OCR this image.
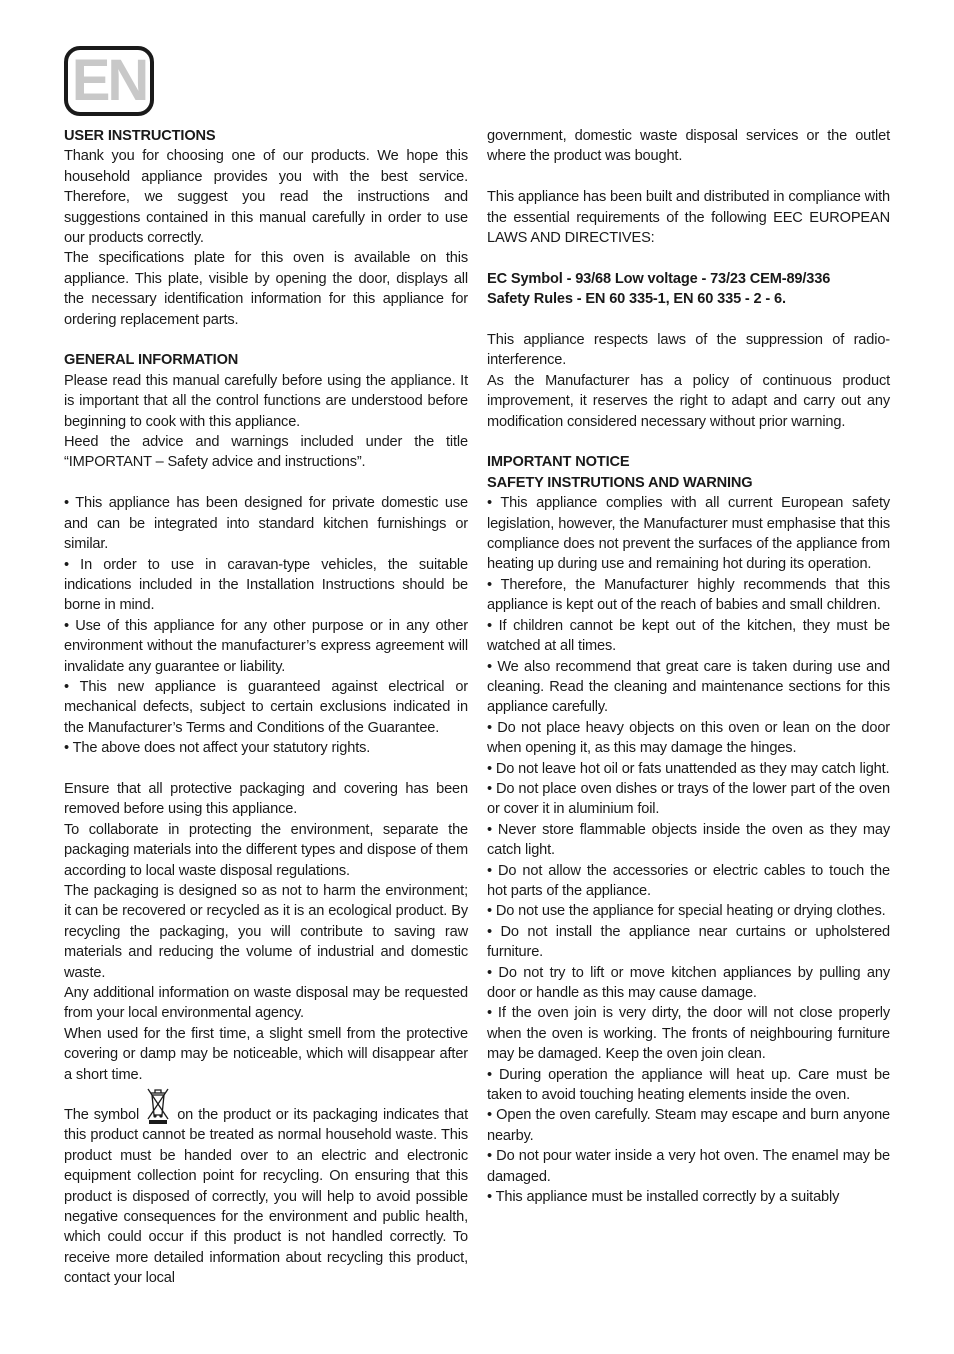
EN

USER INSTRUCTIONS

Thank you for choosing one of our products. We hope this household appliance provides you with the best service. Therefore, we suggest you read the instructions and suggestions contained in this manual carefully in order to use our products correctly.

The specifications plate for this oven is available on this appliance. This plate, visible by opening the door, displays all the necessary identification information for this appliance for ordering replacement parts.

GENERAL INFORMATION

Please read this manual carefully before using the appliance. It is important that all the control functions are understood before beginning to cook with this appliance.

Heed the advice and warnings included under the title “IMPORTANT – Safety advice and instructions”.

• This appliance has been designed for private domestic use and can be integrated into standard kitchen furnishings or similar.

• In order to use in caravan-type vehicles, the suitable indications included in the Installation Instructions should be borne in mind.

• Use of this appliance for any other purpose or in any other environment without the manufacturer’s express agreement will invalidate any guarantee or liability.

• This new appliance is guaranteed against electrical or mechanical defects, subject to certain exclusions indicated in the Manufacturer’s Terms and Conditions of the Guarantee.

• The above does not affect your statutory rights.

Ensure that all protective packaging and covering has been removed before using this appliance.

To collaborate in protecting the environment, separate the packaging materials into the different types and dispose of them according to local waste disposal regulations.

The packaging is designed so as not to harm the environment; it can be recovered or recycled as it is an ecological product. By recycling the packaging, you will contribute to saving raw materials and reducing the volume of industrial and domestic waste.

Any additional information on waste disposal may be requested from your local environmental agency.

When used for the first time, a slight smell from the protective covering or damp may be noticeable, which will disappear after a short time.

The symbol	on the product or its packaging indicates that this product cannot be treated as normal household waste. This product must be handed over to an electric and electronic equipment collection point for recycling. On ensuring that this product is disposed of correctly, you will help to avoid possible negative consequences for the environment and public health, which could occur if this product is not handled correctly. To receive more detailed information about recycling this product, contact your local

government, domestic waste disposal services or the outlet where the product was bought.

This appliance has been built and distributed in compliance with the essential requirements of the following EEC EUROPEAN LAWS AND DIRECTIVES:

EC Symbol - 93/68 Low voltage - 73/23 CEM-89/336

Safety Rules - EN 60 335-1, EN 60 335 - 2 - 6.

This appliance respects laws of the suppression of radio-interference.

As the Manufacturer has a policy of continuous product improvement, it reserves the right to adapt and carry out any modification considered necessary without prior warning.

IMPORTANT NOTICE

SAFETY INSTRUTIONS AND WARNING

• This appliance complies with all current European safety legislation, however, the Manufacturer must emphasise that this compliance does not prevent the surfaces of the appliance from heating up during use and remaining hot during its operation.

• Therefore, the Manufacturer highly recommends that this appliance is kept out of the reach of babies and small children.

• If children cannot be kept out of the kitchen, they must be watched at all times.

• We also recommend that great care is taken during use and cleaning. Read the cleaning and maintenance sections for this appliance carefully.

• Do not place heavy objects on this oven or lean on the door when opening it, as this may damage the hinges.

• Do not leave hot oil or fats unattended as they may catch light.

• Do not place oven dishes or trays of the lower part of the oven or cover it in aluminium foil.

• Never store flammable objects inside the oven as they may catch light.

• Do not allow the accessories or electric cables to touch the hot parts of the appliance.

• Do not use the appliance for special heating or drying clothes.

• Do not install the appliance near curtains or upholstered furniture.

• Do not try to lift or move kitchen appliances by pulling any door or handle as this may cause damage.

• If the oven join is very dirty, the door will not close properly when the oven is working. The fronts of neighbouring furniture may be damaged. Keep the oven join clean.

• During operation the appliance will heat up. Care must be taken to avoid touching heating elements inside the oven.

• Open the oven carefully. Steam may escape and burn anyone nearby.

• Do not pour water inside a very hot oven. The enamel may be damaged.

• This appliance must be installed correctly by a suitably
